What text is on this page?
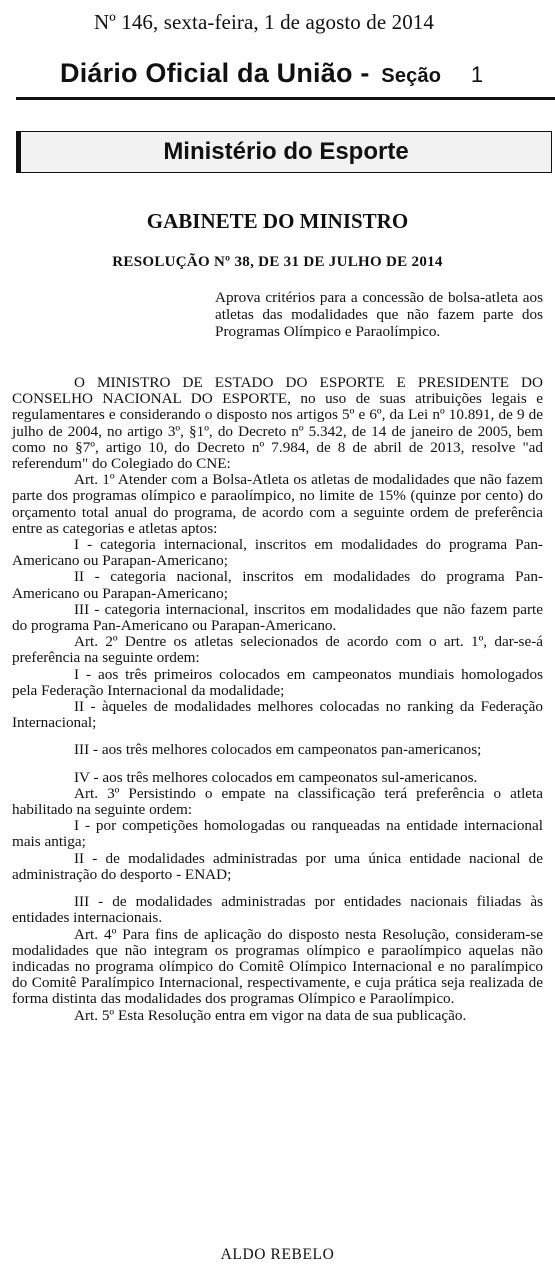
Nº 146, sexta-feira, 1 de agosto de 2014
Diário Oficial da União - Seção 1
Ministério do Esporte
GABINETE DO MINISTRO
RESOLUÇÃO Nº 38, DE 31 DE JULHO DE 2014
Aprova critérios para a concessão de bolsa-atleta aos atletas das modalidades que não fazem parte dos Programas Olímpico e Paraolímpico.

O MINISTRO DE ESTADO DO ESPORTE E PRESIDENTE DO CONSELHO NACIONAL DO ESPORTE, no uso de suas atribuições legais e regulamentares e considerando o disposto nos artigos 5º e 6º, da Lei nº 10.891, de 9 de julho de 2004, no artigo 3º, §1º, do Decreto nº 5.342, de 14 de janeiro de 2005, bem como no §7º, artigo 10, do Decreto nº 7.984, de 8 de abril de 2013, resolve "ad referendum" do Colegiado do CNE:

Art. 1º Atender com a Bolsa-Atleta os atletas de modalidades que não fazem parte dos programas olímpico e paraolímpico, no limite de 15% (quinze por cento) do orçamento total anual do programa, de acordo com a seguinte ordem de preferência entre as categorias e atletas aptos:

I - categoria internacional, inscritos em modalidades do programa Pan-Americano ou Parapan-Americano;

II - categoria nacional, inscritos em modalidades do programa Pan-Americano ou Parapan-Americano;

III - categoria internacional, inscritos em modalidades que não fazem parte do programa Pan-Americano ou Parapan-Americano.

Art. 2º Dentre os atletas selecionados de acordo com o art. 1º, dar-se-á preferência na seguinte ordem:

I - aos três primeiros colocados em campeonatos mundiais homologados pela Federação Internacional da modalidade;

II - àqueles de modalidades melhores colocadas no ranking da Federação Internacional;

III - aos três melhores colocados em campeonatos pan-americanos;

IV - aos três melhores colocados em campeonatos sul-americanos.

Art. 3º Persistindo o empate na classificação terá preferência o atleta habilitado na seguinte ordem:

I - por competições homologadas ou ranqueadas na entidade internacional mais antiga;

II - de modalidades administradas por uma única entidade nacional de administração do desporto - ENAD;

III - de modalidades administradas por entidades nacionais filiadas às entidades internacionais.

Art. 4º Para fins de aplicação do disposto nesta Resolução, consideram-se modalidades que não integram os programas olímpico e paraolímpico aquelas não indicadas no programa olímpico do Comitê Olímpico Internacional e no paralímpico do Comitê Paralímpico Internacional, respectivamente, e cuja prática seja realizada de forma distinta das modalidades dos programas Olímpico e Paraolímpico.

Art. 5º Esta Resolução entra em vigor na data de sua publicação.

ALDO REBELO
